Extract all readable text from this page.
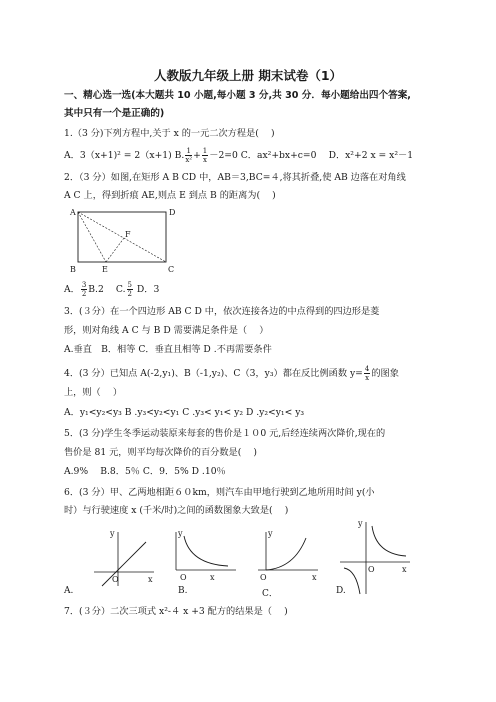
人教版九年级上册 期末试卷（1）
一、精心选一选(本大题共 10 小题,每小题 3 分,共 30 分．每小题给出四个答案,
其中只有一个是正确的)
1.（3 分)下列方程中,关于 x 的一元二次方程是(　 )
A．3（x+1)² = 2（x+1) B. $\frac{1}{\text{x²}} + \frac{1}{x} -2=0$ C．ax²+bx+c=0　 D．x²+2 x = x²－1
2．（3 分）如图,在矩形 A B CD 中，AB＝3,BC=４,将其折叠,使 AB 边落在对角线
A C 上，得到折痕 AE,则点 E 到点 B 的距离为(　 )
A	D
B	E	C
F
A． $\frac{3}{2} B.2$　 C. $\frac{5}{2}$ D．3
3．(３分）在一个四边形 AB C D 中，依次连接各边的中点得到的四边形是菱
形，则对角线 A C 与 B D 需要满足条件是（　 ）
A.垂直　B．相等 C．垂直且相等 D .不再需要条件
4．(3 分）已知点 A(-2,y₁)、B（-1,y₂)、C（3，y₃）都在反比例函数 $y= \frac{4}{x}$ 的图象
上，则（　 ）
A．y₁<y₂<y₃ B .y₃<y₂<y₁ C .y₃< y₁< y₂ D .y₂<y₁< y₃
5．(3 分)学生冬季运动装原来每套的售价是１０0 元,后经连续两次降价,现在的
售价是 81 元，则平均每次降价的百分数是(　 )
A.9%　 B.8．5％ C．9．5% D .10％
6．(3 分）甲、乙两地相距６０km，则汽车由甲地行驶到乙地所用时间 y(小
时）与行驶速度 x (千米/时)之间的函数图象大致是(　 )
y
x
O
y
x
O
y
x
O
y
x
O
A.	B.	C．	D.
7．(３分）二次三项式 x²-４ x +3 配方的结果是（　 )
